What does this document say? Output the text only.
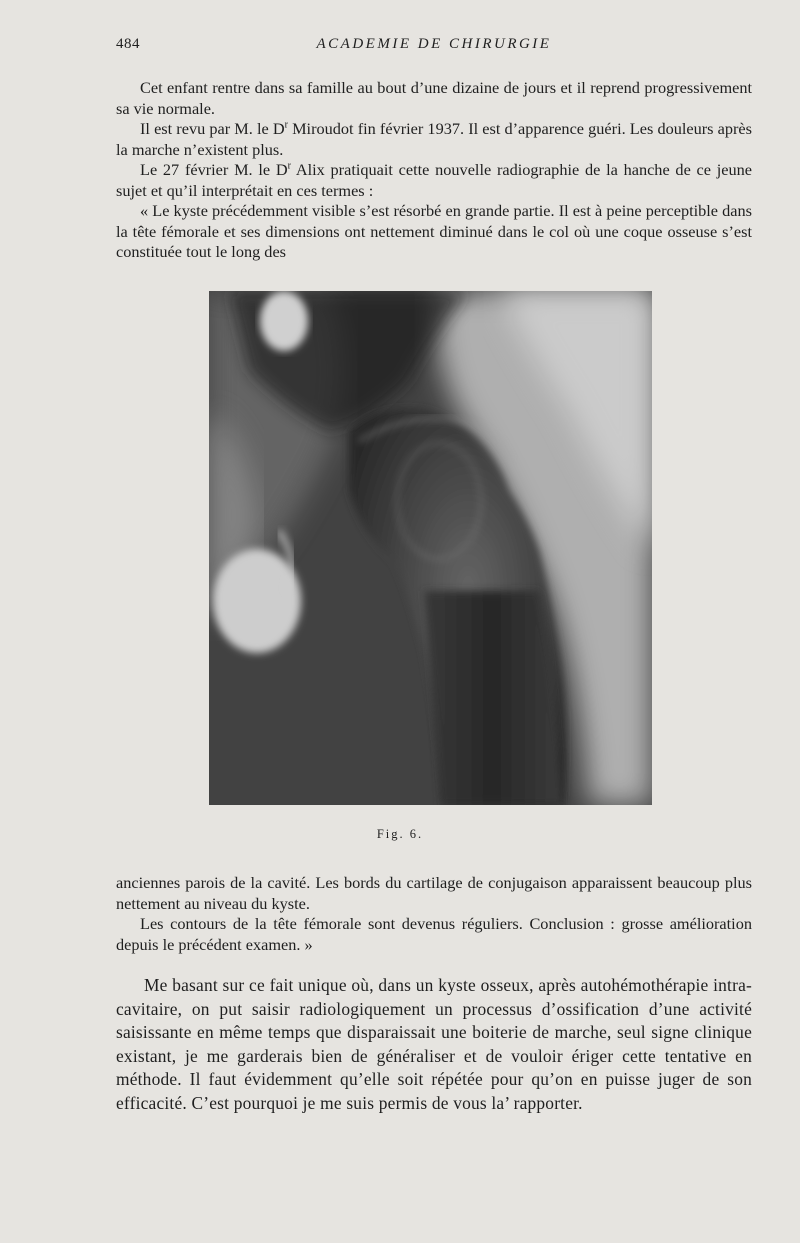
484	ACADEMIE DE CHIRURGIE

Cet enfant rentre dans sa famille au bout d’une dizaine de jours et il reprend progressivement sa vie normale.

Il est revu par M. le $D^r$ Miroudot fin février 1937. Il est d’apparence guéri. Les douleurs après la marche n’existent plus.

Le 27 février M. le $D^r$ Alix pratiquait cette nouvelle radiographie de la hanche de ce jeune sujet et qu’il interprétait en ces termes :

« Le kyste précédemment visible s’est résorbé en grande partie. Il est à peine perceptible dans la tête fémorale et ses dimensions ont nettement diminué dans le col où une coque osseuse s’est constituée tout le long des

Fig. 6.

anciennes parois de la cavité. Les bords du cartilage de conjugaison apparaissent beaucoup plus nettement au niveau du kyste.

Les contours de la tête fémorale sont devenus réguliers. Conclusion : grosse amélioration depuis le précédent examen. »

Me basant sur ce fait unique où, dans un kyste osseux, après autohémothérapie intra-cavitaire, on put saisir radiologiquement un processus d’ossification d’une activité saisissante en même temps que disparaissait une boiterie de marche, seul signe clinique existant, je me garderais bien de généraliser et de vouloir ériger cette tentative en méthode. Il faut évidemment qu’elle soit répétée pour qu’on en puisse juger de son efficacité. C’est pourquoi je me suis permis de vous la’ rapporter.
